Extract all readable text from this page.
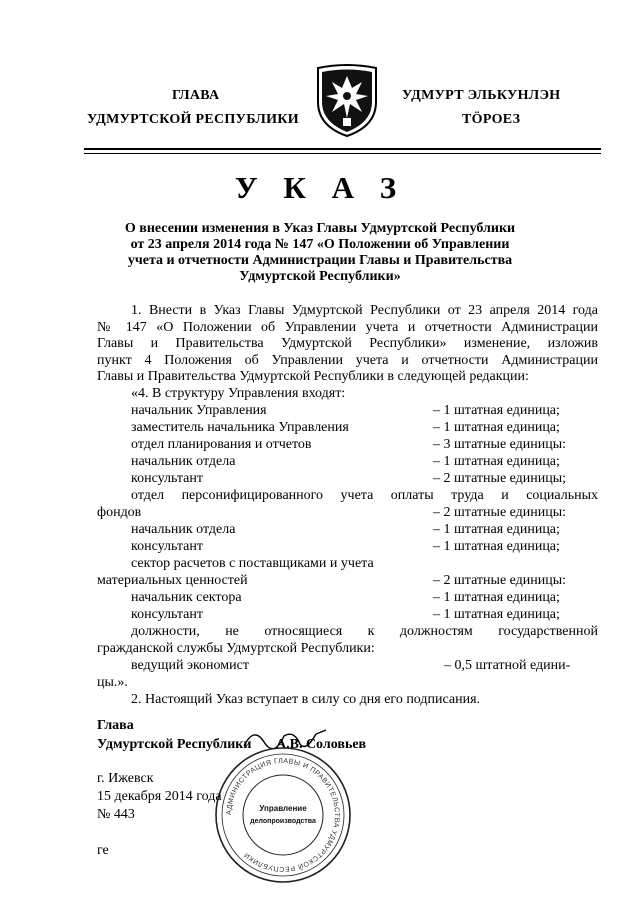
ГЛАВА
УДМУРТСКОЙ РЕСПУБЛИКИ
УДМУРТ ЭЛЬКУНЛЭН
ТӦРОЕЗ
У К А З
О внесении изменения в Указ Главы Удмуртской Республики
от 23 апреля 2014 года № 147 «О Положении об Управлении
учета и отчетности Администрации Главы и Правительства
Удмуртской Республики»
1. Внести в Указ Главы Удмуртской Республики от 23 апреля 2014 года
№ 147 «О Положении об Управлении учета и отчетности Администрации
Главы и Правительства Удмуртской Республики» изменение, изложив
пункт 4 Положения об Управлении учета и отчетности Администрации
Главы и Правительства Удмуртской Республики в следующей редакции:
«4. В структуру Управления входят:
начальник Управления	– 1 штатная единица;
заместитель начальника Управления	– 1 штатная единица;
отдел планирования и отчетов	– 3 штатные единицы:
начальник отдела	– 1 штатная единица;
консультант	– 2 штатные единицы;
отдел персонифицированного учета оплаты труда и социальных
фондов	– 2 штатные единицы:
начальник отдела	– 1 штатная единица;
консультант	– 1 штатная единица;
сектор расчетов с поставщиками и учета
материальных ценностей	– 2 штатные единицы:
начальник сектора	– 1 штатная единица;
консультант	– 1 штатная единица;
должности, не относящиеся к должностям государственной
гражданской службы Удмуртской Республики:
ведущий экономист	– 0,5 штатной едини-
цы.».
2. Настоящий Указ вступает в силу со дня его подписания.
Глава
Удмуртской Республики А.В. Соловьев
АДМИНИСТРАЦИЯ ГЛАВЫ И ПРАВИТЕЛЬСТВА УДМУРТСКОЙ РЕСПУБЛИКИ
Управление
делопроизводства
г. Ижевск
15 декабря 2014 года
№ 443
ге
